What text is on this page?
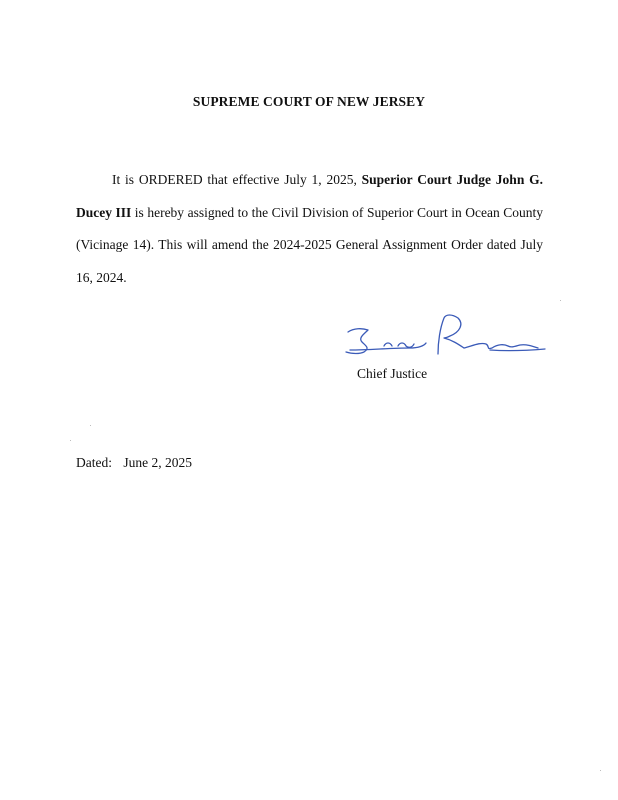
SUPREME COURT OF NEW JERSEY
It is ORDERED that effective July 1, 2025, Superior Court Judge John G. Ducey III is hereby assigned to the Civil Division of Superior Court in Ocean County (Vicinage 14). This will amend the 2024-2025 General Assignment Order dated July 16, 2024.
Chief Justice
Dated: June 2, 2025
